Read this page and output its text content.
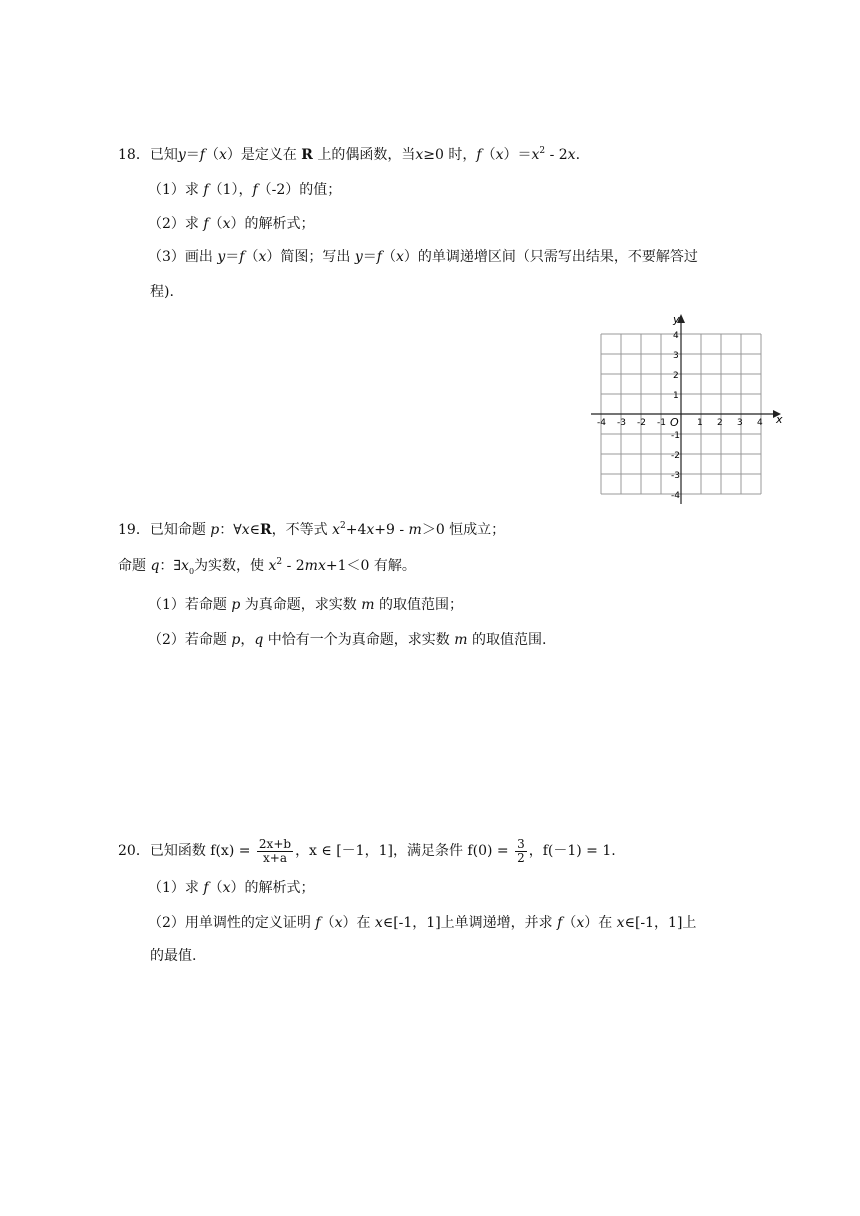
18．已知y＝f（x）是定义在 R 上的偶函数，当x≥0 时，$f(x)=x^2$ ‐ 2x.
（1）求 f（1），f（‐2）的值；
（2）求 f（x）的解析式；
（3）画出 y＝f（x）简图；写出 y＝f（x）的单调递增区间（只需写出结果，不要解答过
程).
x
y
O
-4 -3 -2 -1	1 2 3 4
4
3
2
1
-1
-2
-3
-4
19．已知命题 p：∀x∈R，不等式 $x^2+4x+9$ ‐ m＞0 恒成立；
命题 q：$\exists x_0$为实数，使 $x^2$ ‐ 2mx+1＜0 有解。
（1）若命题 p 为真命题，求实数 m 的取值范围；
（2）若命题 p，q 中恰有一个为真命题，求实数 m 的取值范围.
20．已知函数 $f(x) = \frac{2x+b}{x+a}$ ，x ∈ [－1，1]，满足条件 $f(0) = \frac{3}{2}$ ，f(－1) = 1.
（1）求 f（x）的解析式；
（2）用单调性的定义证明 f（x）在 x∈[‐1，1]上单调递增，并求 f（x）在 x∈[‐1，1]上
的最值.
